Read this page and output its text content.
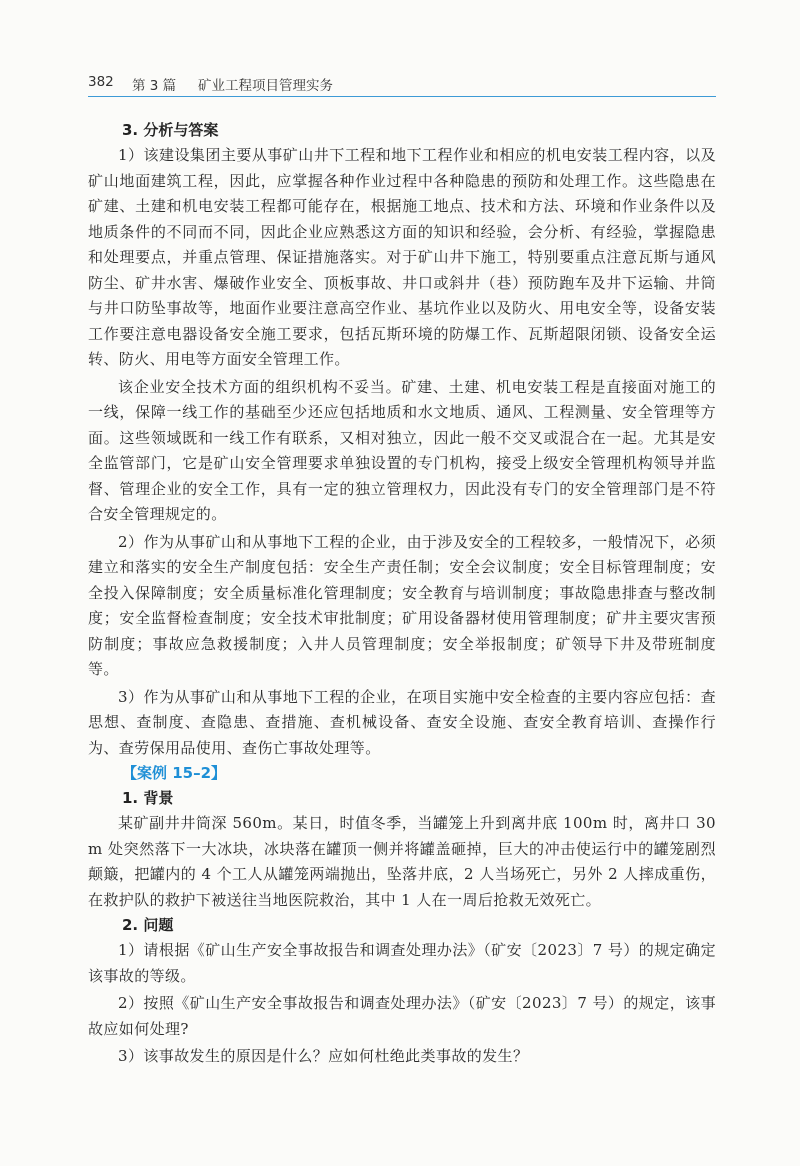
382 第 3 篇 矿业工程项目管理实务
3. 分析与答案

1）该建设集团主要从事矿山井下工程和地下工程作业和相应的机电安装工程内容，以及矿山地面建筑工程，因此，应掌握各种作业过程中各种隐患的预防和处理工作。这些隐患在矿建、土建和机电安装工程都可能存在，根据施工地点、技术和方法、环境和作业条件以及地质条件的不同而不同，因此企业应熟悉这方面的知识和经验，会分析、有经验，掌握隐患和处理要点，并重点管理、保证措施落实。对于矿山井下施工，特别要重点注意瓦斯与通风防尘、矿井水害、爆破作业安全、顶板事故、井口或斜井（巷）预防跑车及井下运输、井筒与井口防坠事故等，地面作业要注意高空作业、基坑作业以及防火、用电安全等，设备安装工作要注意电器设备安全施工要求，包括瓦斯环境的防爆工作、瓦斯超限闭锁、设备安全运转、防火、用电等方面安全管理工作。

该企业安全技术方面的组织机构不妥当。矿建、土建、机电安装工程是直接面对施工的一线，保障一线工作的基础至少还应包括地质和水文地质、通风、工程测量、安全管理等方面。这些领域既和一线工作有联系，又相对独立，因此一般不交叉或混合在一起。尤其是安全监管部门，它是矿山安全管理要求单独设置的专门机构，接受上级安全管理机构领导并监督、管理企业的安全工作，具有一定的独立管理权力，因此没有专门的安全管理部门是不符合安全管理规定的。

2）作为从事矿山和从事地下工程的企业，由于涉及安全的工程较多，一般情况下，必须建立和落实的安全生产制度包括：安全生产责任制；安全会议制度；安全目标管理制度；安全投入保障制度；安全质量标准化管理制度；安全教育与培训制度；事故隐患排查与整改制度；安全监督检查制度；安全技术审批制度；矿用设备器材使用管理制度；矿井主要灾害预防制度；事故应急救援制度；入井人员管理制度；安全举报制度；矿领导下井及带班制度等。

3）作为从事矿山和从事地下工程的企业，在项目实施中安全检查的主要内容应包括：查思想、查制度、查隐患、查措施、查机械设备、查安全设施、查安全教育培训、查操作行为、查劳保用品使用、查伤亡事故处理等。

【案例 15–2】
1. 背景

某矿副井井筒深 560m。某日，时值冬季，当罐笼上升到离井底 100m 时，离井口 30m 处突然落下一大冰块，冰块落在罐顶一侧并将罐盖砸掉，巨大的冲击使运行中的罐笼剧烈颠簸，把罐内的 4 个工人从罐笼两端抛出，坠落井底，2 人当场死亡，另外 2 人摔成重伤，在救护队的救护下被送往当地医院救治，其中 1 人在一周后抢救无效死亡。

2. 问题

1）请根据《矿山生产安全事故报告和调查处理办法》（矿安〔2023〕7 号）的规定确定该事故的等级。

2）按照《矿山生产安全事故报告和调查处理办法》（矿安〔2023〕7 号）的规定，该事故应如何处理?

3）该事故发生的原因是什么？应如何杜绝此类事故的发生？
